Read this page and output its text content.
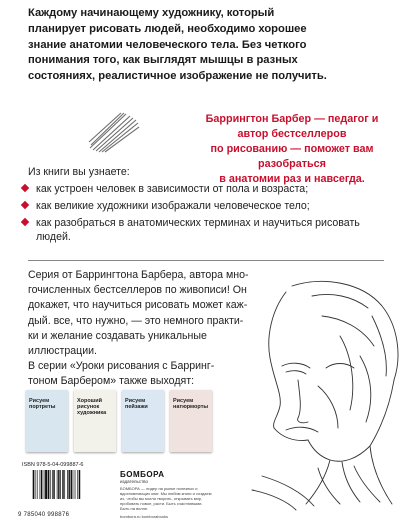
Каждому начинающему художнику, который
планирует рисовать людей, необходимо хорошее
знание анатомии человеческого тела. Без четкого
понимания того, как выглядят мышцы в разных
состояниях, реалистичное изображение не получить.
Баррингтон Барбер — педагог и автор бестселлеров
по рисованию — поможет вам разобраться
в анатомии раз и навсегда.
Из книги вы узнаете:
как устроен человек в зависимости от пола и возраста;
как великие художники изображали человеческое тело;
как разобраться в анатомических терминах и научиться рисовать людей.
Серия от Баррингтона Барбера, автора мно-
гочисленных бестселлеров по живописи! Он
докажет, что научиться рисовать может каж-
дый. все, что нужно, — это немного практи-
ки и желание создавать уникальные
иллюстрации.
В серии «Уроки рисования с Барринг-
тоном Барбером» также выходят:
Рисуем портреты
Хороший рисунок художника
Рисуем пейзажи
Рисуем натюрморты
ISBN 978-5-04-099887-6
9 785040 998876
БОМБОРА
издательство
БОМБОРА — лидер на рынке полезных и вдохновляющих книг. Мы любим книги и создаем их, чтобы вы могли творить, открывать мир, пробовать новое, расти. Быть счастливыми. Быть на волне.
bombora.ru bomborabooks
